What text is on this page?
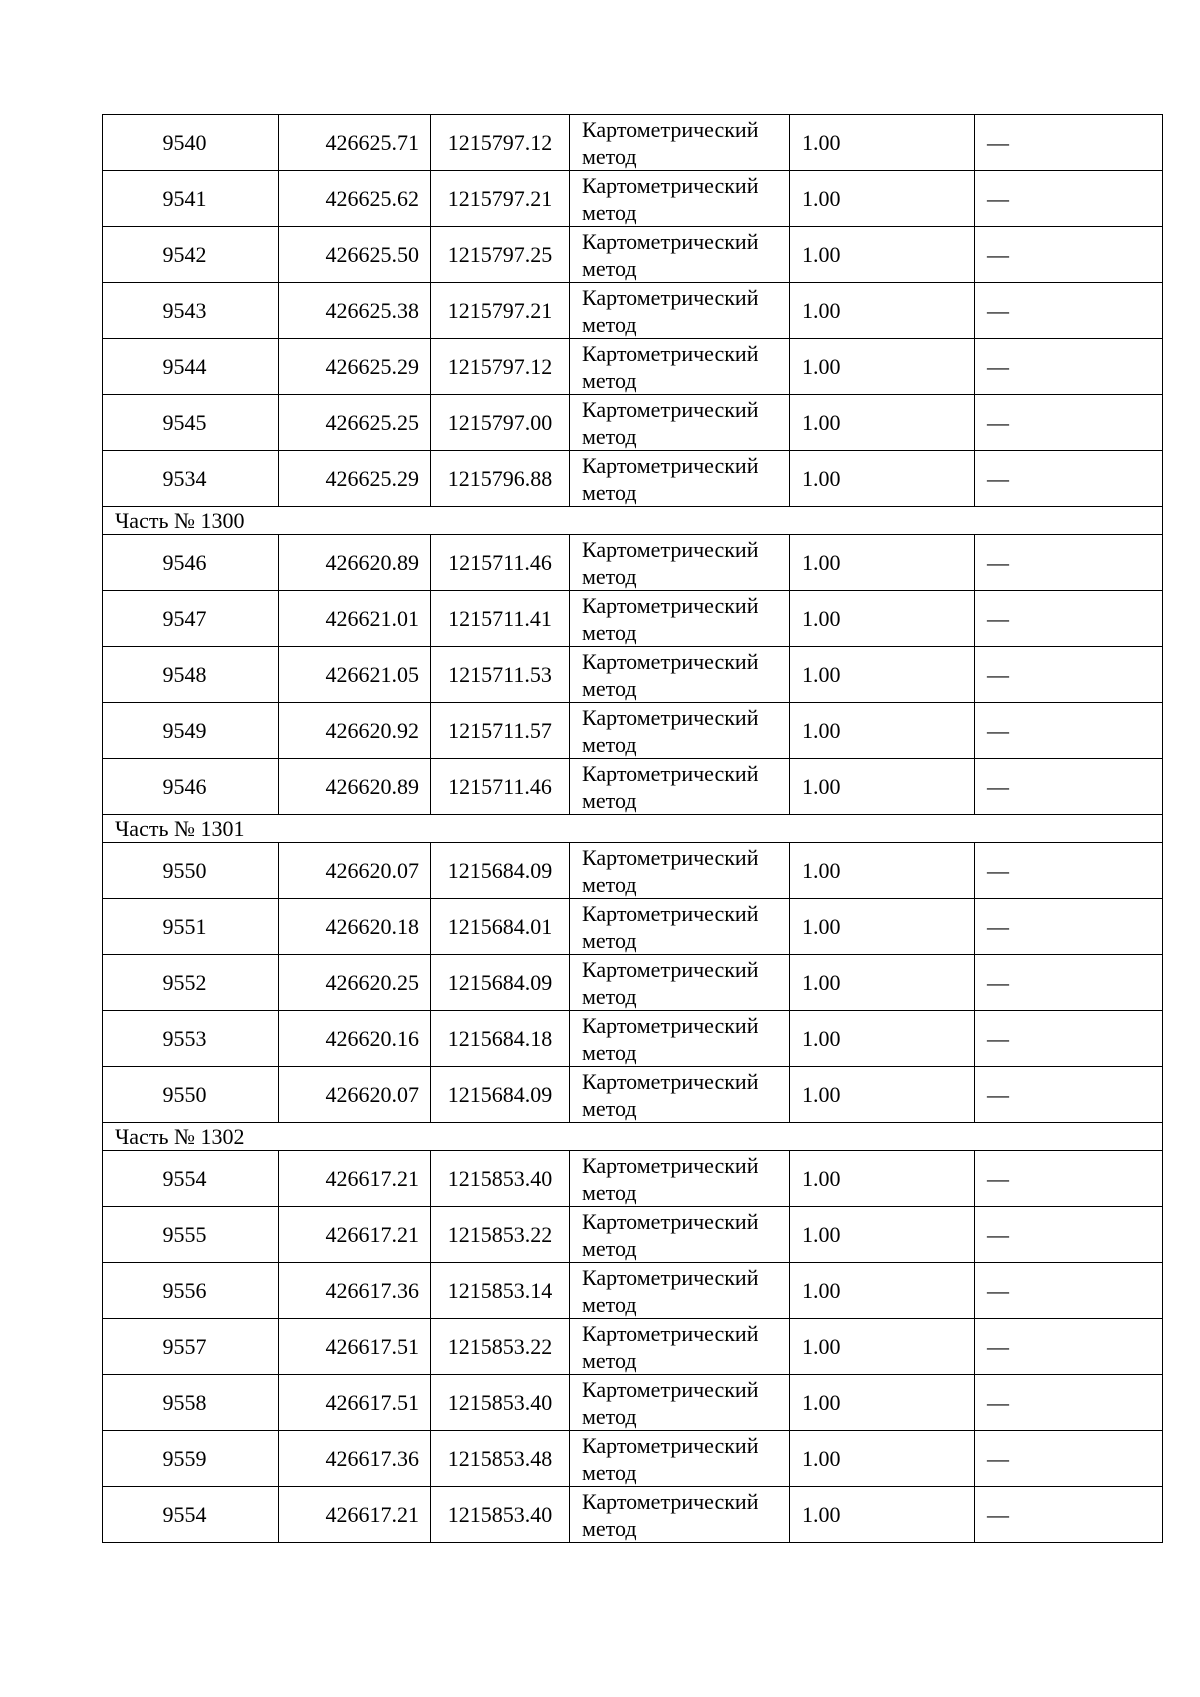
9540	426625.71	1215797.12	Картометрический
метод	1.00	—
9541	426625.62	1215797.21	Картометрический
метод	1.00	—
9542	426625.50	1215797.25	Картометрический
метод	1.00	—
9543	426625.38	1215797.21	Картометрический
метод	1.00	—
9544	426625.29	1215797.12	Картометрический
метод	1.00	—
9545	426625.25	1215797.00	Картометрический
метод	1.00	—
9534	426625.29	1215796.88	Картометрический
метод	1.00	—
Часть № 1300					
9546	426620.89	1215711.46	Картометрический
метод	1.00	—
9547	426621.01	1215711.41	Картометрический
метод	1.00	—
9548	426621.05	1215711.53	Картометрический
метод	1.00	—
9549	426620.92	1215711.57	Картометрический
метод	1.00	—
9546	426620.89	1215711.46	Картометрический
метод	1.00	—
Часть № 1301					
9550	426620.07	1215684.09	Картометрический
метод	1.00	—
9551	426620.18	1215684.01	Картометрический
метод	1.00	—
9552	426620.25	1215684.09	Картометрический
метод	1.00	—
9553	426620.16	1215684.18	Картометрический
метод	1.00	—
9550	426620.07	1215684.09	Картометрический
метод	1.00	—
Часть № 1302					
9554	426617.21	1215853.40	Картометрический
метод	1.00	—
9555	426617.21	1215853.22	Картометрический
метод	1.00	—
9556	426617.36	1215853.14	Картометрический
метод	1.00	—
9557	426617.51	1215853.22	Картометрический
метод	1.00	—
9558	426617.51	1215853.40	Картометрический
метод	1.00	—
9559	426617.36	1215853.48	Картометрический
метод	1.00	—
9554	426617.21	1215853.40	Картометрический
метод	1.00	—
